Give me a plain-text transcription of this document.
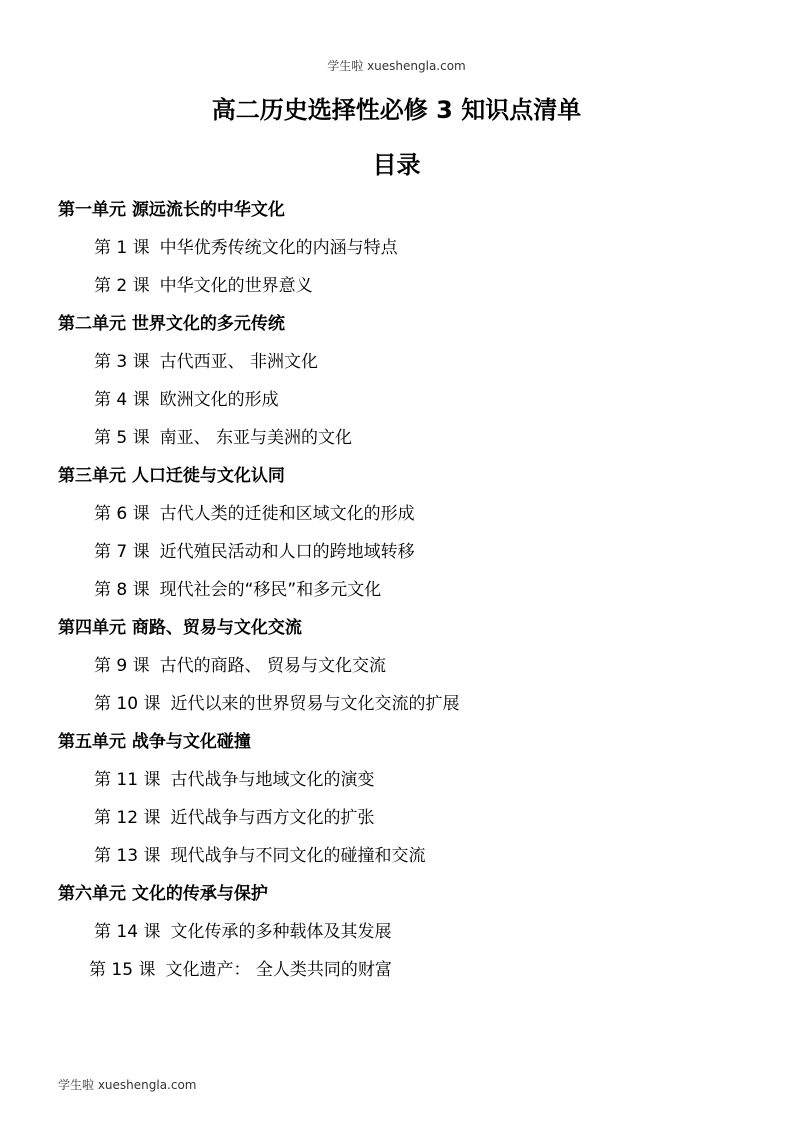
学生啦 xueshengla.com
高二历史选择性必修 3 知识点清单
目录
第一单元 源远流长的中华文化
第 1 课 中华优秀传统文化的内涵与特点
第 2 课 中华文化的世界意义
第二单元 世界文化的多元传统
第 3 课 古代西亚、 非洲文化
第 4 课 欧洲文化的形成
第 5 课 南亚、 东亚与美洲的文化
第三单元 人口迁徙与文化认同
第 6 课 古代人类的迁徙和区域文化的形成
第 7 课 近代殖民活动和人口的跨地域转移
第 8 课 现代社会的“移民”和多元文化
第四单元 商路、贸易与文化交流
第 9 课 古代的商路、 贸易与文化交流
第 10 课 近代以来的世界贸易与文化交流的扩展
第五单元 战争与文化碰撞
第 11 课 古代战争与地域文化的演变
第 12 课 近代战争与西方文化的扩张
第 13 课 现代战争与不同文化的碰撞和交流
第六单元 文化的传承与保护
第 14 课 文化传承的多种载体及其发展
第 15 课 文化遗产： 全人类共同的财富
学生啦 xueshengla.com
